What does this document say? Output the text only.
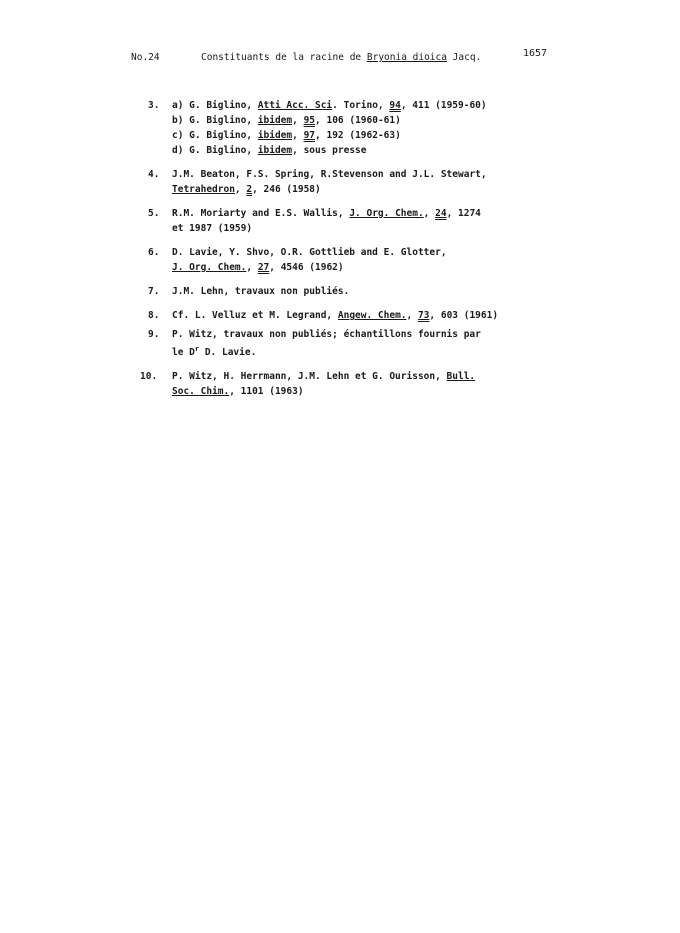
No.24	Constituants de la racine de Bryonia dioica Jacq.	1657
3. a) G. Biglino, Atti Acc. Sci. Torino, 94, 411 (1959-60)
b) G. Biglino, ibidem, 95, 106 (1960-61)
c) G. Biglino, ibidem, 97, 192 (1962-63)
d) G. Biglino, ibidem, sous presse
4. J.M. Beaton, F.S. Spring, R.Stevenson and J.L. Stewart,
Tetrahedron, 2, 246 (1958)
5. R.M. Moriarty and E.S. Wallis, J. Org. Chem., 24, 1274
et 1987 (1959)
6. D. Lavie, Y. Shvo, O.R. Gottlieb and E. Glotter,
J. Org. Chem., 27, 4546 (1962)
7. J.M. Lehn, travaux non publiés.
8. Cf. L. Velluz et M. Legrand, Angew. Chem., 73, 603 (1961)
9. P. Witz, travaux non publiés; échantillons fournis par
le $D^r$ D. Lavie.
10. P. Witz, H. Herrmann, J.M. Lehn et G. Ourisson, Bull.
Soc. Chim., 1101 (1963)
